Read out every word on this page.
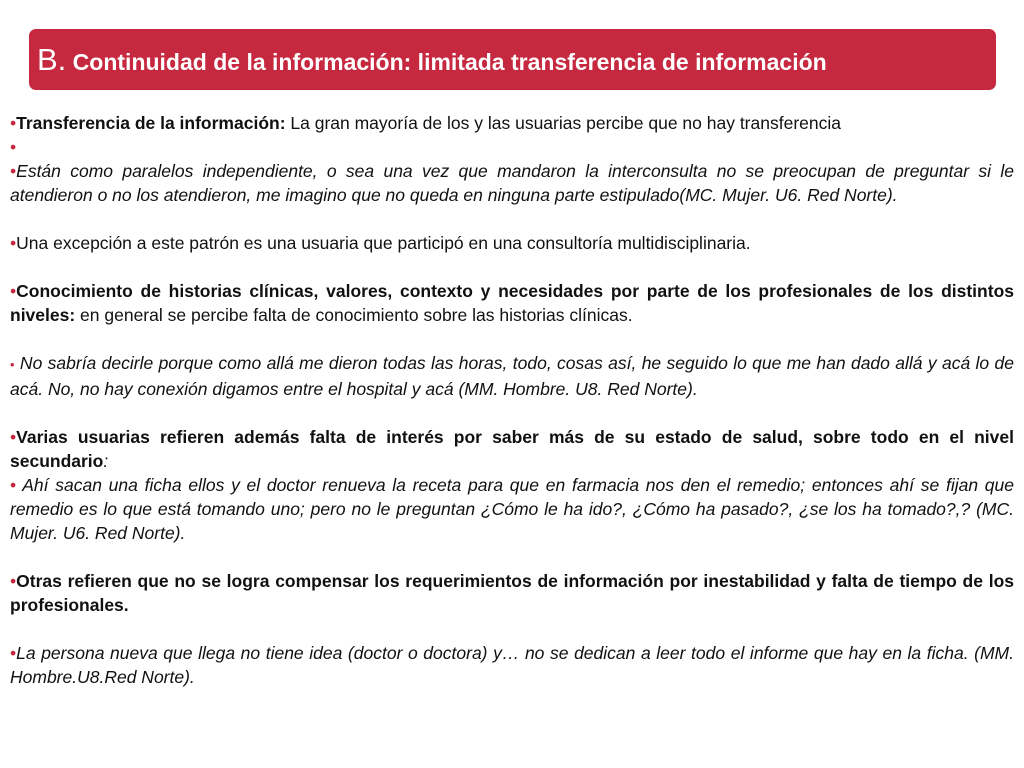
B. Continuidad de la información: limitada transferencia de información

•Transferencia de la información: La gran mayoría de los y las usuarias percibe que no hay transferencia

•

•Están como paralelos independiente, o sea una vez que mandaron la interconsulta no se preocupan de preguntar si le atendieron o no los atendieron, me imagino que no queda en ninguna parte estipulado(MC. Mujer. U6. Red Norte).

•Una excepción a este patrón es una usuaria que participó en una consultoría multidisciplinaria.

•Conocimiento de historias clínicas, valores, contexto y necesidades por parte de los profesionales de los distintos niveles: en general se percibe falta de conocimiento sobre las historias clínicas.

• No sabría decirle porque como allá me dieron todas las horas, todo, cosas así, he seguido lo que me han dado allá y acá lo de acá. No, no hay conexión digamos entre el hospital y acá (MM. Hombre. U8. Red Norte).

•Varias usuarias refieren además falta de interés por saber más de su estado de salud, sobre todo en el nivel secundario:

• Ahí sacan una ficha ellos y el doctor renueva la receta para que en farmacia nos den el remedio; entonces ahí se fijan que remedio es lo que está tomando uno; pero no le preguntan ¿Cómo le ha ido?, ¿Cómo ha pasado?, ¿se los ha tomado?,? (MC. Mujer. U6. Red Norte).

•Otras refieren que no se logra compensar los requerimientos de información por inestabilidad y falta de tiempo de los profesionales.

•La persona nueva que llega no tiene idea (doctor o doctora) y… no se dedican a leer todo el informe que hay en la ficha. (MM. Hombre.U8.Red Norte).
